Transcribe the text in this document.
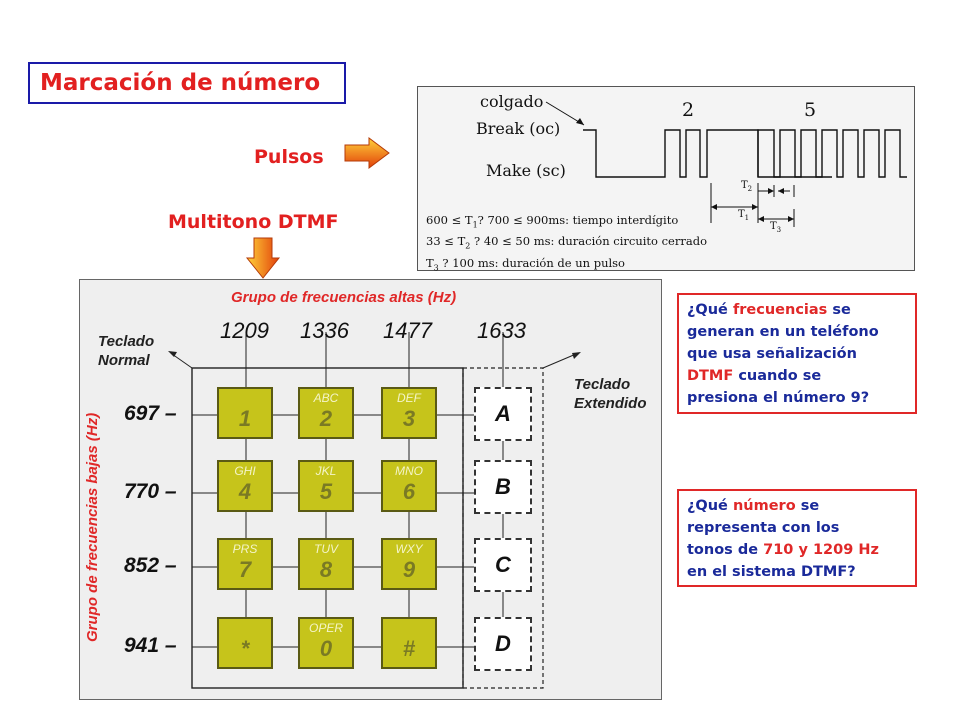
Marcación de número
Pulsos
Multitono DTMF
colgado
Break (oc)
Make (sc)
2	5
$T_1$
$T_2$
$T_3$
$600 \le T_1$? 700 ≤ 900ms: tiempo interdígito
$33 \le T_2$ ? 40 ≤ 50 ms: duración circuito cerrado
$T_3$ ? 100 ms: duración de un pulso
Grupo de frecuencias altas (Hz)
1209 1336 1477 1633
Teclado
Normal
Teclado
Extendido
Grupo de frecuencias bajas (Hz) 697 –
770 –
852 –
941 –
1
ABC
2
DEF
3
GHI
4
JKL
5
MNO
6
PRS
7
TUV
8
WXY
9
*
OPER
0	#
A
B
C
D
¿Qué frecuencias se
generan en un teléfono
que usa señalización
DTMF cuando se
presiona el número 9?
¿Qué número se
representa con los
tonos de 710 y 1209 Hz
en el sistema DTMF?
